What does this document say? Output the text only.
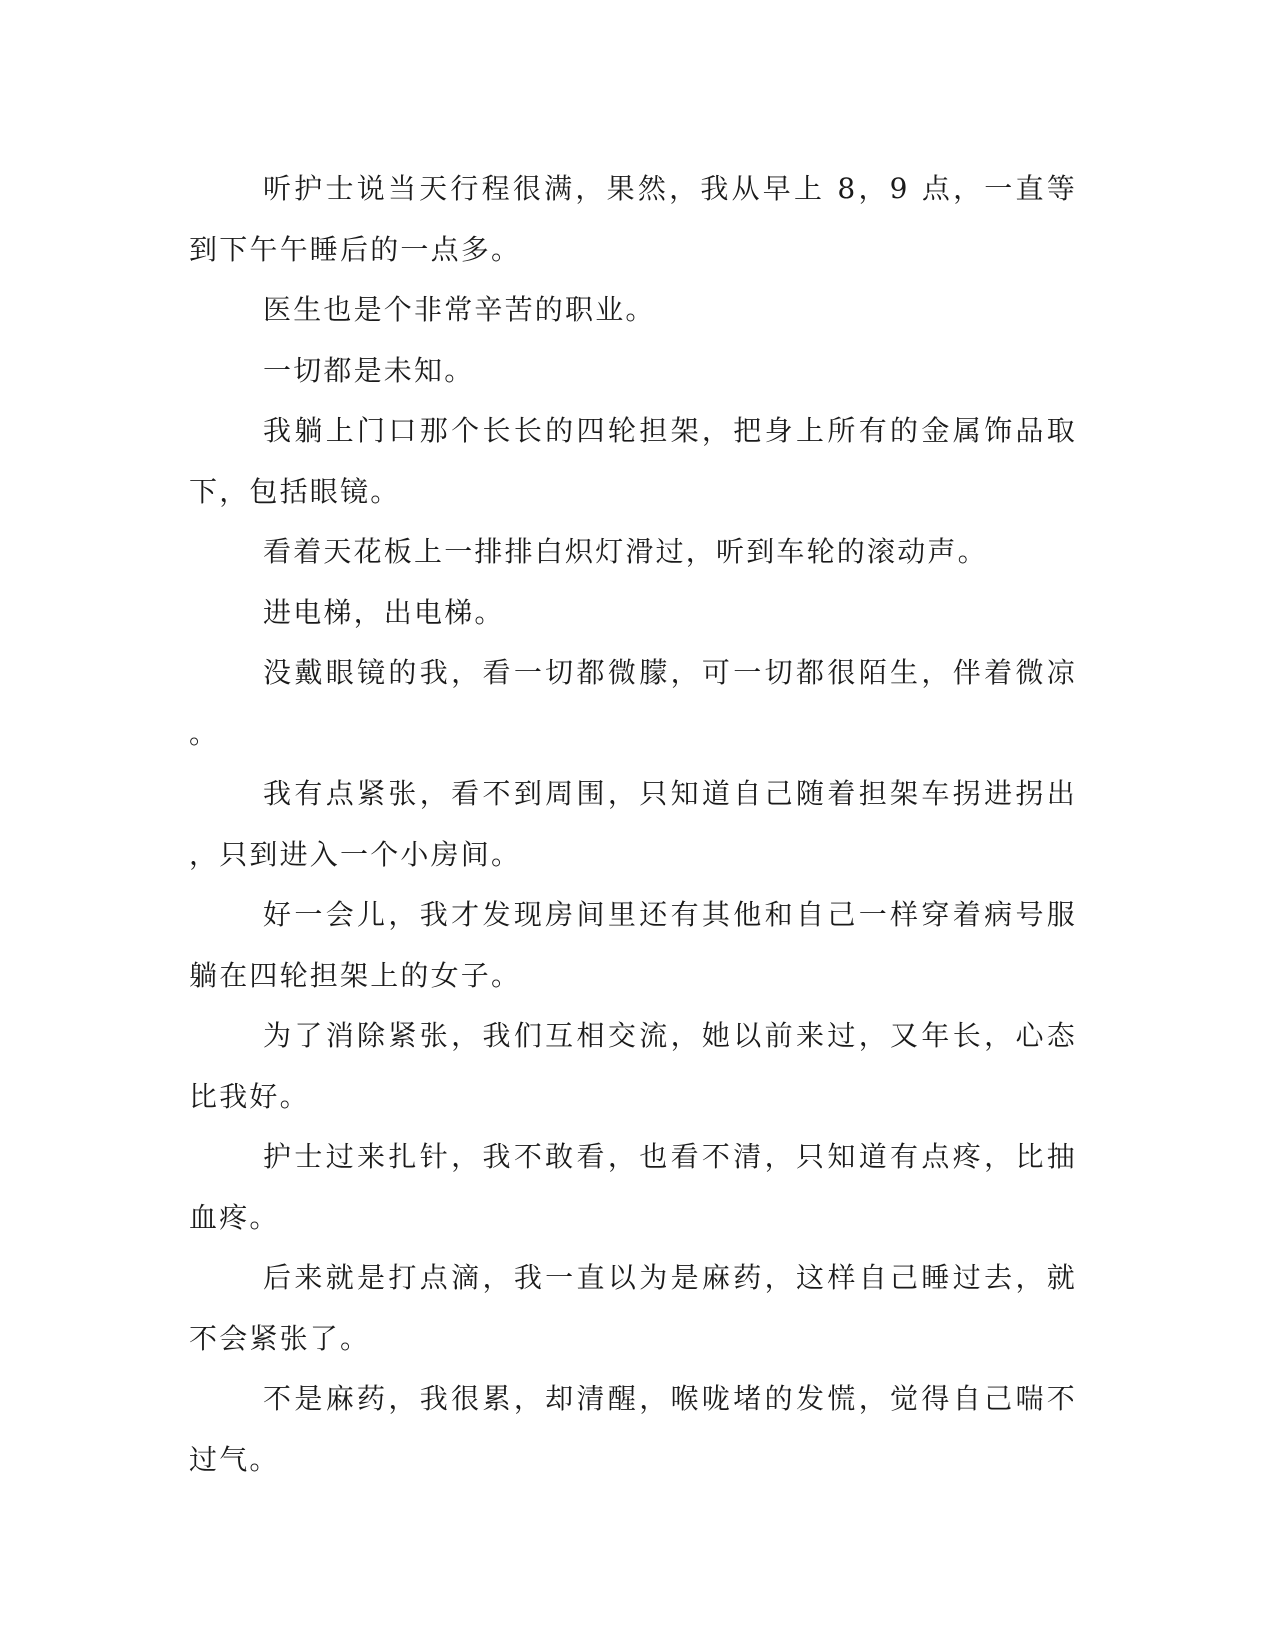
听护士说当天行程很满，果然，我从早上 8，9 点，一直等到下午午睡后的一点多。

医生也是个非常辛苦的职业。

一切都是未知。

我躺上门口那个长长的四轮担架，把身上所有的金属饰品取下，包括眼镜。

看着天花板上一排排白炽灯滑过，听到车轮的滚动声。

进电梯，出电梯。

没戴眼镜的我，看一切都微朦，可一切都很陌生，伴着微凉。

我有点紧张，看不到周围，只知道自己随着担架车拐进拐出，只到进入一个小房间。

好一会儿，我才发现房间里还有其他和自己一样穿着病号服躺在四轮担架上的女子。

为了消除紧张，我们互相交流，她以前来过，又年长，心态比我好。

护士过来扎针，我不敢看，也看不清，只知道有点疼，比抽血疼。

后来就是打点滴，我一直以为是麻药，这样自己睡过去，就不会紧张了。

不是麻药，我很累，却清醒，喉咙堵的发慌，觉得自己喘不过气。
